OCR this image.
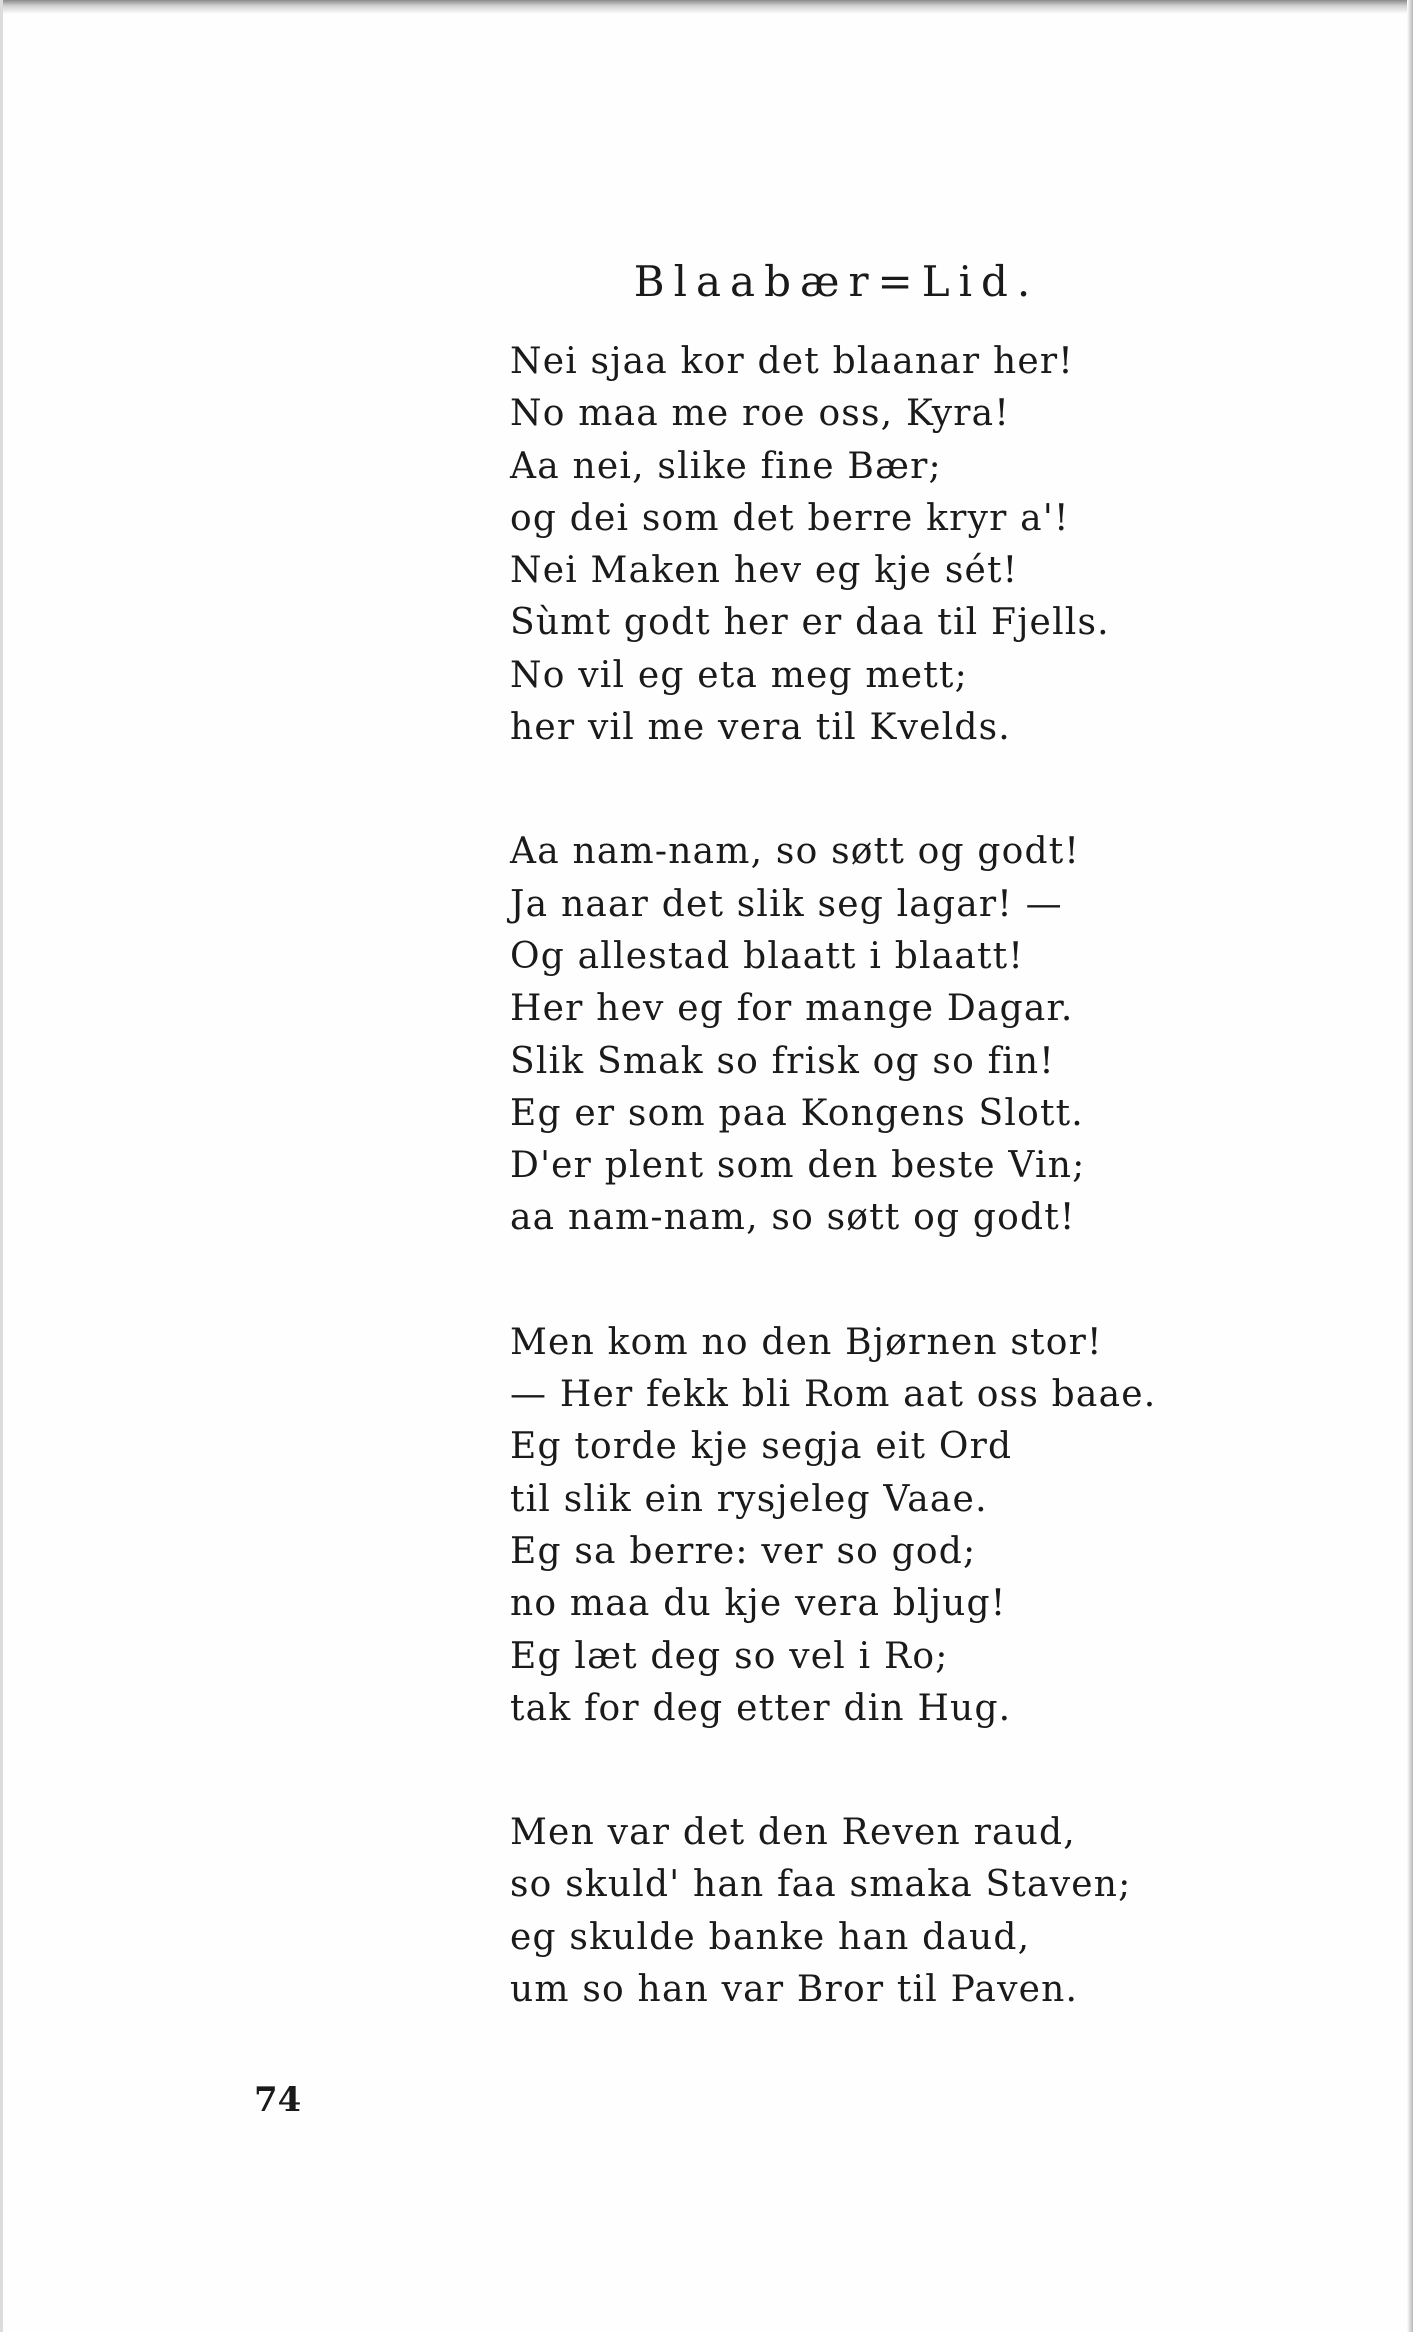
Blaabær=Lid.

Nei sjaa kor det blaanar her!
No maa me roe oss, Kyra!
Aa nei, slike fine Bær;
og dei som det berre kryr a'!
Nei Maken hev eg kje sét!
Sùmt godt her er daa til Fjells.
No vil eg eta meg mett;
her vil me vera til Kvelds.

Aa nam-nam, so søtt og godt!
Ja naar det slik seg lagar! —
Og allestad blaatt i blaatt!
Her hev eg for mange Dagar.
Slik Smak so frisk og so fin!
Eg er som paa Kongens Slott.
D'er plent som den beste Vin;
aa nam-nam, so søtt og godt!

Men kom no den Bjørnen stor!
— Her fekk bli Rom aat oss baae.
Eg torde kje segja eit Ord
til slik ein rysjeleg Vaae.
Eg sa berre: ver so god;
no maa du kje vera bljug!
Eg læt deg so vel i Ro;
tak for deg etter din Hug.

Men var det den Reven raud,
so skuld' han faa smaka Staven;
eg skulde banke han daud,
um so han var Bror til Paven.

74
